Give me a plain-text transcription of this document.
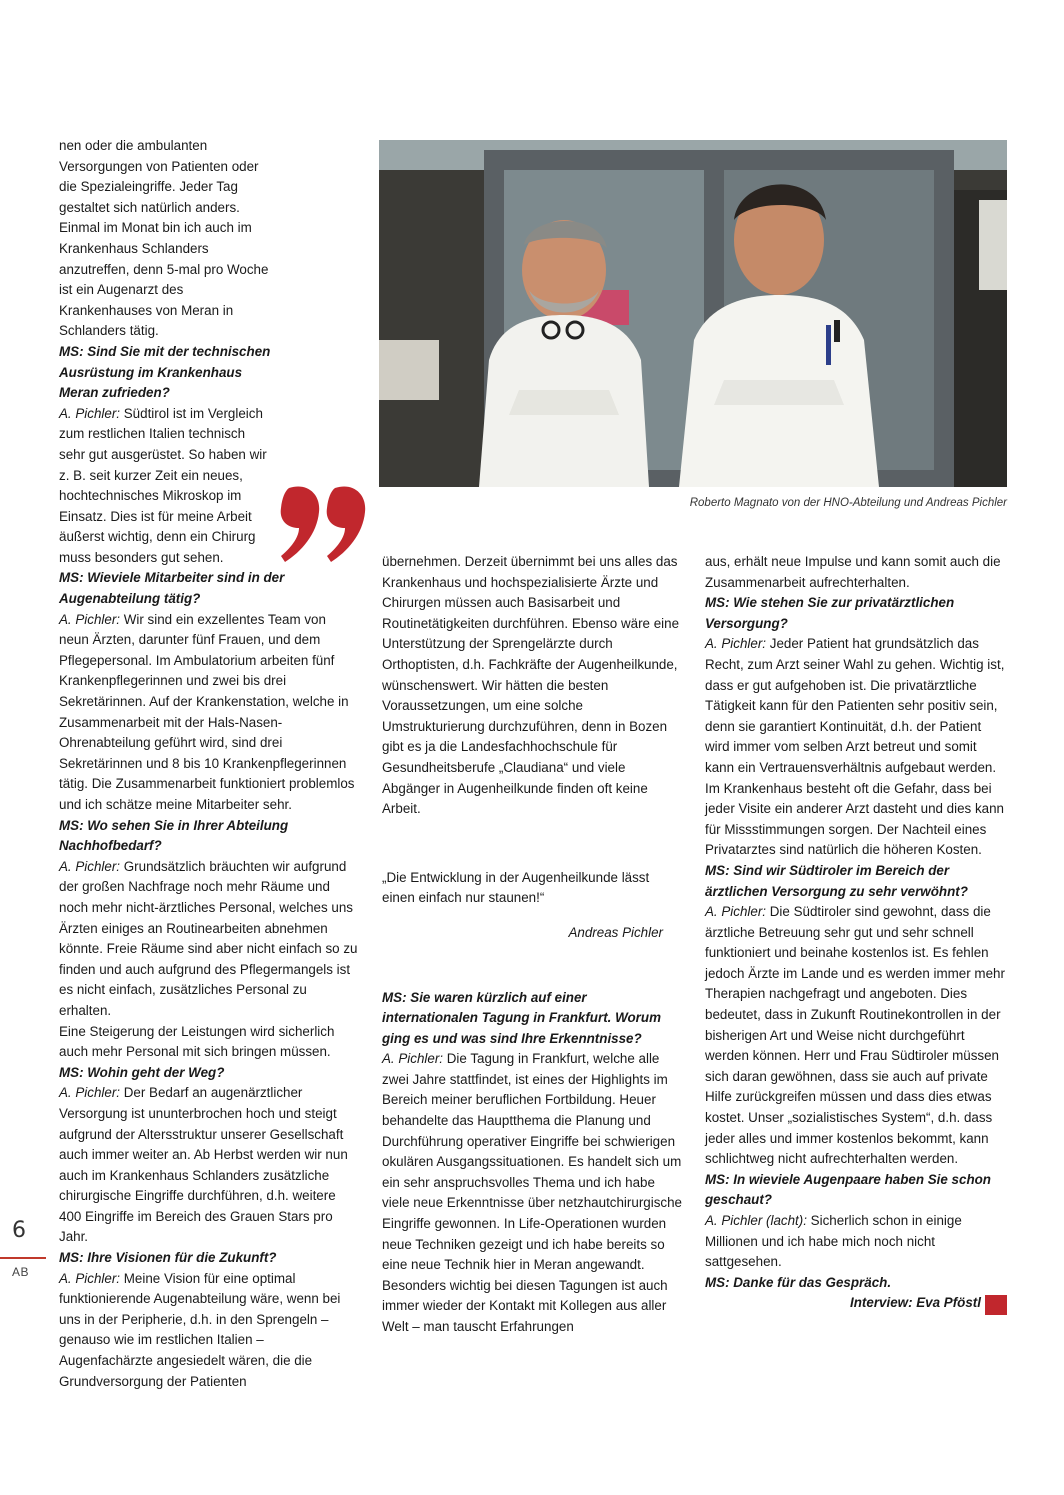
nen oder die ambulanten Versorgungen von Patienten oder die Spezialeingriffe. Jeder Tag gestaltet sich natürlich anders. Einmal im Monat bin ich auch im Krankenhaus Schlanders anzutreffen, denn 5-mal pro Woche ist ein Augenarzt des Krankenhauses von Meran in Schlanders tätig.

MS: Sind Sie mit der technischen Ausrüstung im Krankenhaus Meran zufrieden?

A. Pichler: Südtirol ist im Vergleich zum restlichen Italien technisch sehr gut ausgerüstet. So haben wir z. B. seit kurzer Zeit ein neues, hochtechnisches Mikroskop im Einsatz. Dies ist für meine Arbeit äußerst wichtig, denn ein Chirurg muss besonders gut sehen.

MS: Wieviele Mitarbeiter sind in der Augenabteilung tätig?

A. Pichler: Wir sind ein exzellentes Team von neun Ärzten, darunter fünf Frauen, und dem Pflegepersonal. Im Ambulatorium arbeiten fünf Krankenpflegerinnen und zwei bis drei Sekretärinnen. Auf der Krankenstation, welche in Zusammenarbeit mit der Hals-Nasen-Ohrenabteilung geführt wird, sind drei Sekretärinnen und 8 bis 10 Krankenpflegerinnen tätig. Die Zusammenarbeit funktioniert problemlos und ich schätze meine Mitarbeiter sehr.

MS: Wo sehen Sie in Ihrer Abteilung Nachhofbedarf?

A. Pichler: Grundsätzlich bräuchten wir aufgrund der großen Nachfrage noch mehr Räume und noch mehr nicht-ärztliches Personal, welches uns Ärzten einiges an Routinearbeiten abnehmen könnte. Freie Räume sind aber nicht einfach so zu finden und auch aufgrund des Pflegermangels ist es nicht einfach, zusätzliches Personal zu erhalten.

Eine Steigerung der Leistungen wird sicherlich auch mehr Personal mit sich bringen müssen.

MS: Wohin geht der Weg?

A. Pichler: Der Bedarf an augenärztlicher Versorgung ist ununterbrochen hoch und steigt aufgrund der Altersstruktur unserer Gesellschaft auch immer weiter an. Ab Herbst werden wir nun auch im Krankenhaus Schlanders zusätzliche chirurgische Eingriffe durchführen, d.h. weitere 400 Eingriffe im Bereich des Grauen Stars pro Jahr.

MS: Ihre Visionen für die Zukunft?

A. Pichler: Meine Vision für eine optimal funktionierende Augenabteilung wäre, wenn bei uns in der Peripherie, d.h. in den Sprengeln – genauso wie im restlichen Italien – Augenfachärzte angesiedelt wären, die die Grundversorgung der Patienten

Roberto Magnato von der HNO-Abteilung und Andreas Pichler

übernehmen. Derzeit übernimmt bei uns alles das Krankenhaus und hochspezialisierte Ärzte und Chirurgen müssen auch Basisarbeit und Routinetätigkeiten durchführen. Ebenso wäre eine Unterstützung der Sprengelärzte durch Orthoptisten, d.h. Fachkräfte der Augenheilkunde, wünschenswert. Wir hätten die besten Voraussetzungen, um eine solche Umstrukturierung durchzuführen, denn in Bozen gibt es ja die Landesfachhochschule für Gesundheitsberufe „Claudiana“ und viele Abgänger in Augenheilkunde finden oft keine Arbeit.

„Die Entwicklung in der Augenheilkunde lässt einen einfach nur staunen!“

Andreas Pichler

MS: Sie waren kürzlich auf einer internationalen Tagung in Frankfurt. Worum ging es und was sind Ihre Erkenntnisse?

A. Pichler: Die Tagung in Frankfurt, welche alle zwei Jahre stattfindet, ist eines der Highlights im Bereich meiner beruflichen Fortbildung. Heuer behandelte das Hauptthema die Planung und Durchführung operativer Eingriffe bei schwierigen okulären Ausgangssituationen. Es handelt sich um ein sehr anspruchsvolles Thema und ich habe viele neue Erkenntnisse über netzhautchirurgische Eingriffe gewonnen. In Life-Operationen wurden neue Techniken gezeigt und ich habe bereits so eine neue Technik hier in Meran angewandt.

Besonders wichtig bei diesen Tagungen ist auch immer wieder der Kontakt mit Kollegen aus aller Welt – man tauscht Erfahrungen

aus, erhält neue Impulse und kann somit auch die Zusammenarbeit aufrechterhalten.

MS: Wie stehen Sie zur privatärztlichen Versorgung?

A. Pichler: Jeder Patient hat grundsätzlich das Recht, zum Arzt seiner Wahl zu gehen. Wichtig ist, dass er gut aufgehoben ist. Die privatärztliche Tätigkeit kann für den Patienten sehr positiv sein, denn sie garantiert Kontinuität, d.h. der Patient wird immer vom selben Arzt betreut und somit kann ein Vertrauensverhältnis aufgebaut werden. Im Krankenhaus besteht oft die Gefahr, dass bei jeder Visite ein anderer Arzt dasteht und dies kann für Missstimmungen sorgen. Der Nachteil eines Privatarztes sind natürlich die höheren Kosten.

MS: Sind wir Südtiroler im Bereich der ärztlichen Versorgung zu sehr verwöhnt?

A. Pichler: Die Südtiroler sind gewohnt, dass die ärztliche Betreuung sehr gut und sehr schnell funktioniert und beinahe kostenlos ist. Es fehlen jedoch Ärzte im Lande und es werden immer mehr Therapien nachgefragt und angeboten. Dies bedeutet, dass in Zukunft Routinekontrollen in der bisherigen Art und Weise nicht durchgeführt werden können. Herr und Frau Südtiroler müssen sich daran gewöhnen, dass sie auch auf private Hilfe zurückgreifen müssen und dass dies etwas kostet. Unser „sozialistisches System“, d.h. dass jeder alles und immer kostenlos bekommt, kann schlichtweg nicht aufrechterhalten werden.

MS: In wieviele Augenpaare haben Sie schon geschaut?

A. Pichler (lacht): Sicherlich schon in einige Millionen und ich habe mich noch nicht sattgesehen.

MS: Danke für das Gespräch.

Interview: Eva Pföstl

6
AB
